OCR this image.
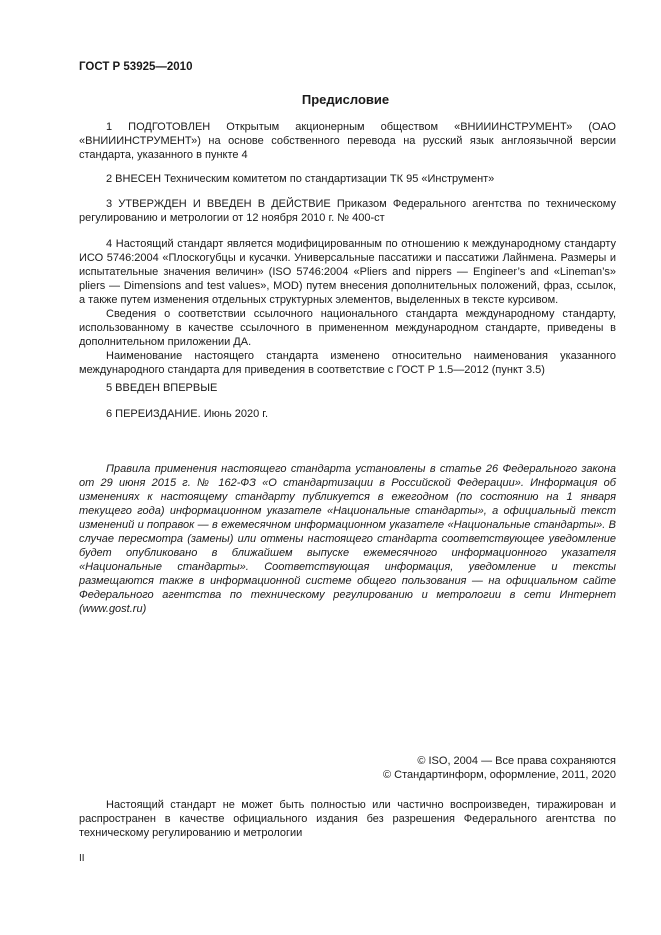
ГОСТ Р 53925—2010
Предисловие

1 ПОДГОТОВЛЕН Открытым акционерным обществом «ВНИИИНСТРУМЕНТ» (ОАО «ВНИИИНСТРУМЕНТ») на основе собственного перевода на русский язык англоязычной версии стандарта, указанного в пункте 4

2 ВНЕСЕН Техническим комитетом по стандартизации ТК 95 «Инструмент»

3 УТВЕРЖДЕН И ВВЕДЕН В ДЕЙСТВИЕ Приказом Федерального агентства по техническому регулированию и метрологии от 12 ноября 2010 г. № 400-ст

4 Настоящий стандарт является модифицированным по отношению к международному стандарту ИСО 5746:2004 «Плоскогубцы и кусачки. Универсальные пассатижи и пассатижи Лайнмена. Размеры и испытательные значения величин» (ISO 5746:2004 «Pliers and nippers — Engineer’s and «Lineman’s» pliers — Dimensions and test values», MOD) путем внесения дополнительных положений, фраз, ссылок, а также путем изменения отдельных структурных элементов, выделенных в тексте курсивом.

Сведения о соответствии ссылочного национального стандарта международному стандарту, использованному в качестве ссылочного в примененном международном стандарте, приведены в дополнительном приложении ДА.

Наименование настоящего стандарта изменено относительно наименования указанного международного стандарта для приведения в соответствие с ГОСТ Р 1.5—2012 (пункт 3.5)

5 ВВЕДЕН ВПЕРВЫЕ

6 ПЕРЕИЗДАНИЕ. Июнь 2020 г.

Правила применения настоящего стандарта установлены в статье 26 Федерального закона от 29 июня 2015 г. № 162-ФЗ «О стандартизации в Российской Федерации». Информация об изменениях к настоящему стандарту публикуется в ежегодном (по состоянию на 1 января текущего года) информационном указателе «Национальные стандарты», а официальный текст изменений и поправок — в ежемесячном информационном указателе «Национальные стандарты». В случае пересмотра (замены) или отмены настоящего стандарта соответствующее уведомление будет опубликовано в ближайшем выпуске ежемесячного информационного указателя «Национальные стандарты». Соответствующая информация, уведомление и тексты размещаются также в информационной системе общего пользования — на официальном сайте Федерального агентства по техническому регулированию и метрологии в сети Интернет (www.gost.ru)

© ISO, 2004 — Все права сохраняются
© Стандартинформ, оформление, 2011, 2020

Настоящий стандарт не может быть полностью или частично воспроизведен, тиражирован и распространен в качестве официального издания без разрешения Федерального агентства по техническому регулированию и метрологии

II
